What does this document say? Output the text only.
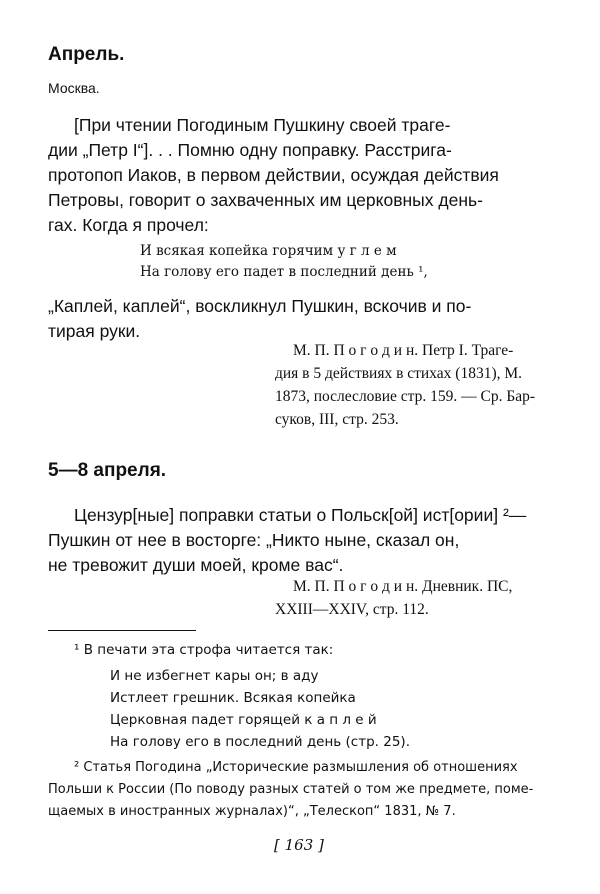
Апрель.
Москва.
[При чтении Погодиным Пушкину своей траге-
дии „Петр I“]. . . Помню одну поправку. Расстрига-
протопоп Иаков, в первом действии, осуждая действия
Петровы, говорит о захваченных им церковных день-
гах. Когда я прочел:
И всякая копейка горячим у г л е м
На голову его падет в последний день ¹,
„Каплей, каплей“, воскликнул Пушкин, вскочив и по-
тирая руки.
М. П. П о г о д и н. Петр I. Траге-
дия в 5 действиях в стихах (1831), М.
1873, послесловие стр. 159. — Ср. Бар-
суков, III, стр. 253.
5—8 апреля.
Цензур[ные] поправки статьи о Польск[ой] ист[ории] ²—
Пушкин от нее в восторге: „Никто ныне, сказал он,
не тревожит души моей, кроме вас“.
М. П. П о г о д и н. Дневник. ПС,
XXIII—XXIV, стр. 112.
¹ В печати эта строфа читается так:
И не избегнет кары он; в аду
Истлеет грешник. Всякая копейка
Церковная падет горящей к а п л е й
На голову его в последний день (стр. 25).
² Статья Погодина „Исторические размышления об отношениях
Польши к России (По поводу разных статей о том же предмете, поме-
щаемых в иностранных журналах)“, „Телескоп“ 1831, № 7.
[ 163 ]
